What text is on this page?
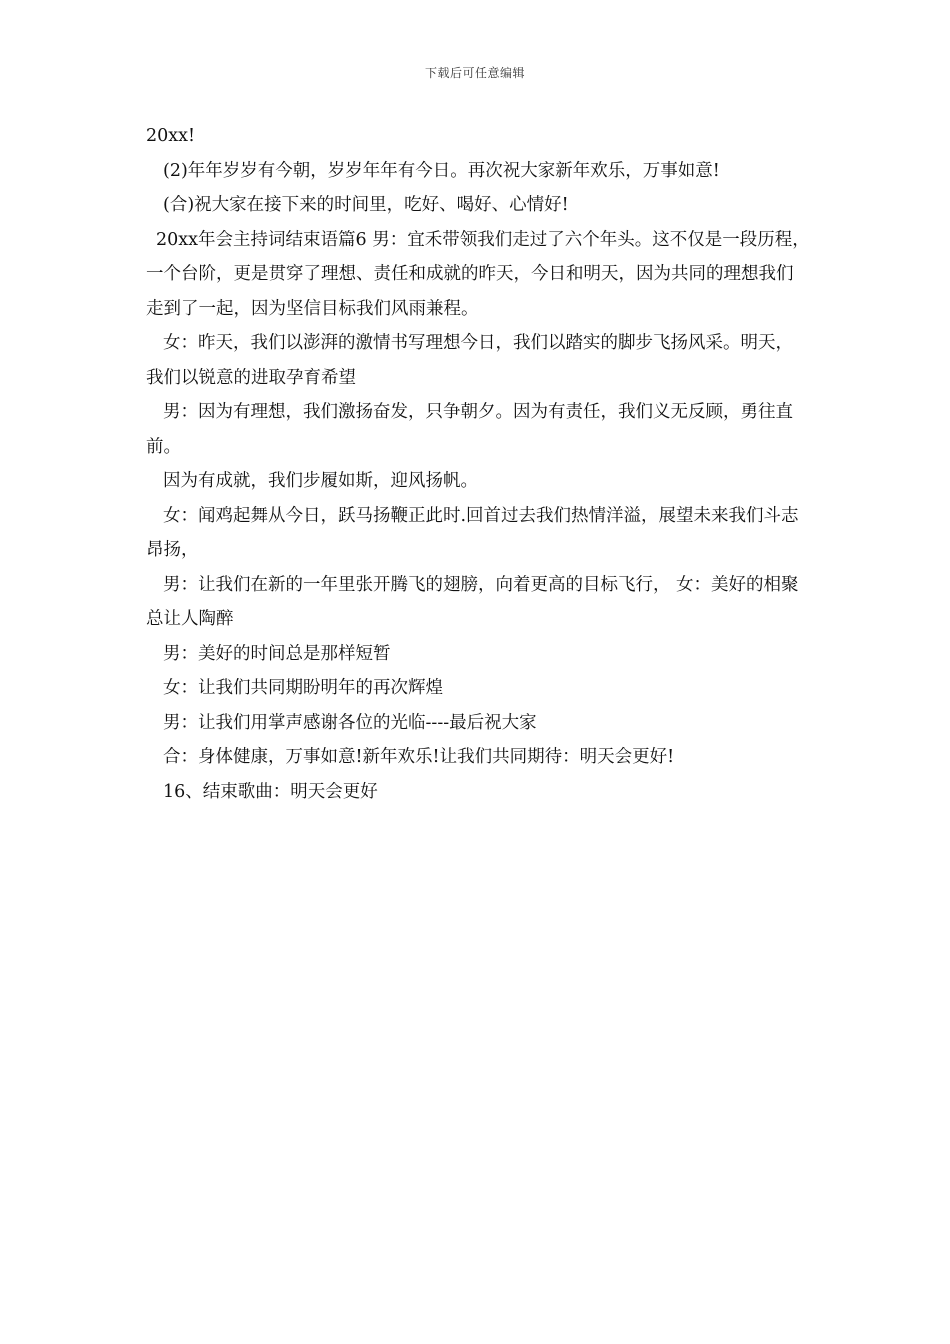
下载后可任意编辑

20xx!

(2)年年岁岁有今朝，岁岁年年有今日。再次祝大家新年欢乐，万事如意!

(合)祝大家在接下来的时间里，吃好、喝好、心情好!

20xx年会主持词结束语篇6 男：宜禾带领我们走过了六个年头。这不仅是一段历程，一个台阶，更是贯穿了理想、责任和成就的昨天，今日和明天，因为共同的理想我们走到了一起，因为坚信目标我们风雨兼程。

女：昨天，我们以澎湃的激情书写理想今日，我们以踏实的脚步飞扬风采。明天，我们以锐意的进取孕育希望

男：因为有理想，我们激扬奋发，只争朝夕。因为有责任，我们义无反顾，勇往直前。

因为有成就，我们步履如斯，迎风扬帆。

女：闻鸡起舞从今日，跃马扬鞭正此时.回首过去我们热情洋溢，展望未来我们斗志昂扬，

男：让我们在新的一年里张开腾飞的翅膀，向着更高的目标飞行， 女：美好的相聚总让人陶醉

男：美好的时间总是那样短暂

女：让我们共同期盼明年的再次辉煌

男：让我们用掌声感谢各位的光临----最后祝大家

合：身体健康，万事如意!新年欢乐!让我们共同期待：明天会更好!

16、结束歌曲：明天会更好
